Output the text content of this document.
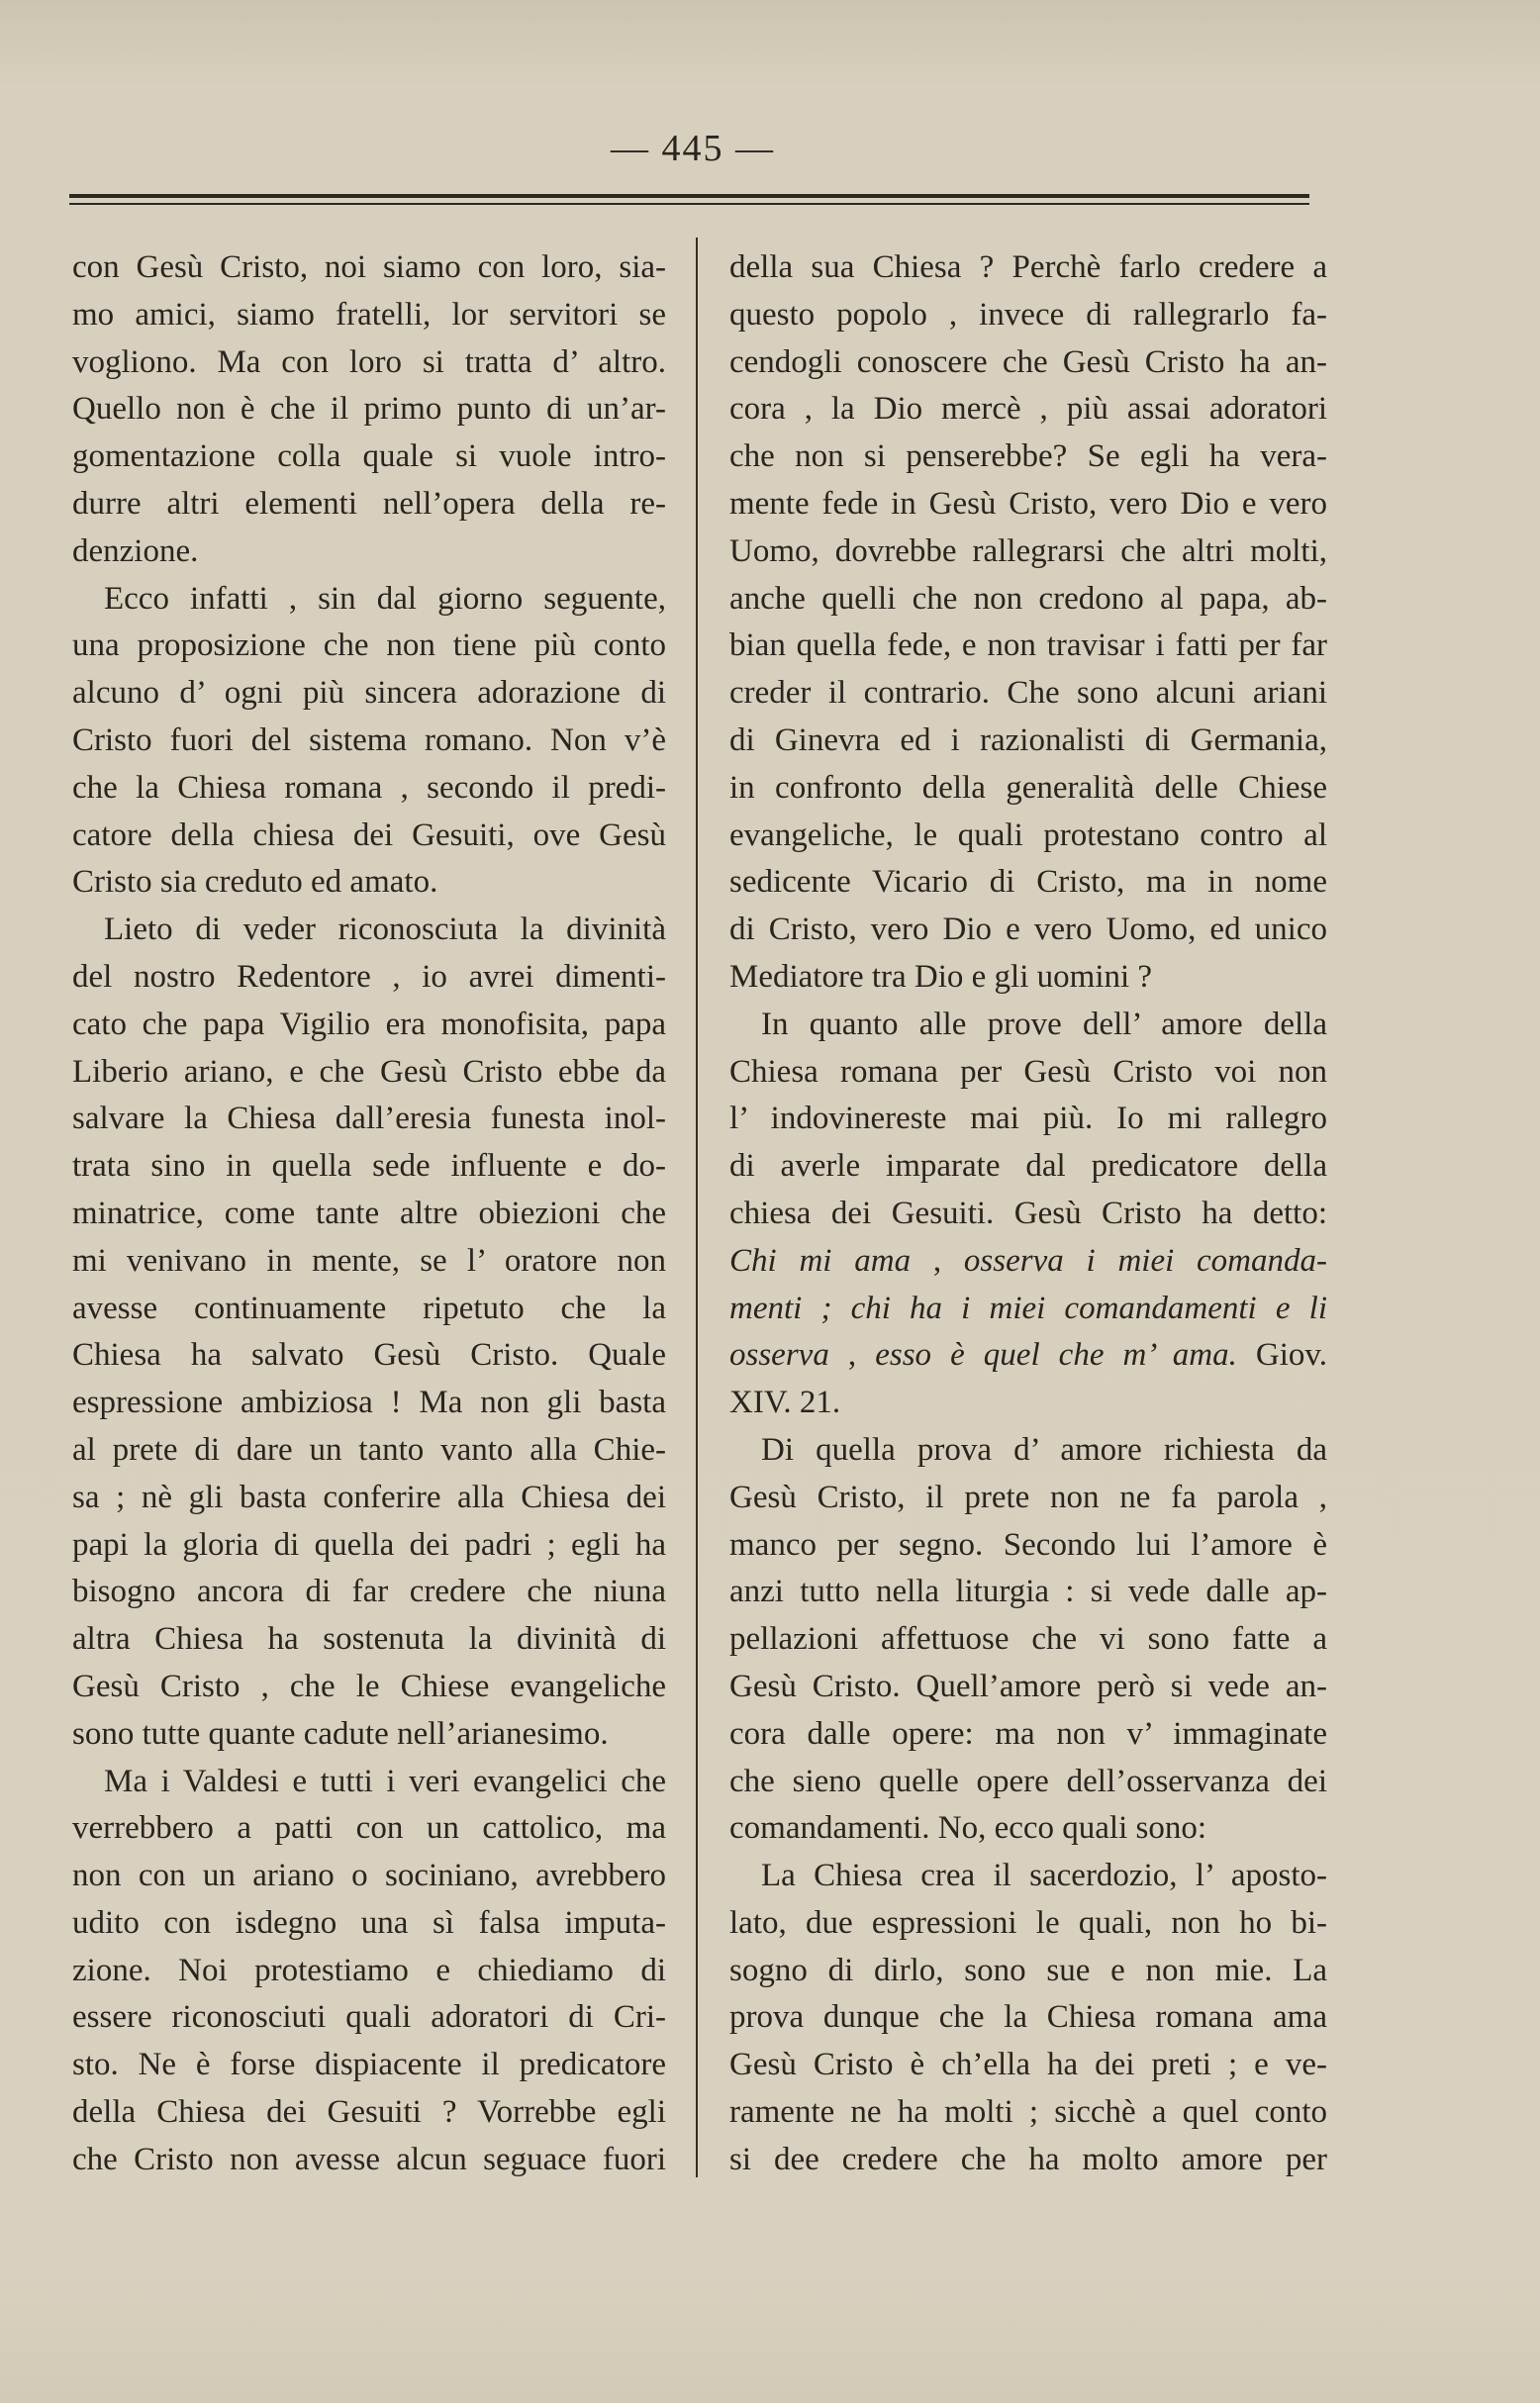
— 445 —
con Gesù Cristo, noi siamo con loro, sia-
mo amici, siamo fratelli, lor servitori se
vogliono. Ma con loro si tratta d’ altro.
Quello non è che il primo punto di un’ar-
gomentazione colla quale si vuole intro-
durre altri elementi nell’opera della re-
denzione.
Ecco infatti , sin dal giorno seguente,
una proposizione che non tiene più conto
alcuno d’ ogni più sincera adorazione di
Cristo fuori del sistema romano. Non v’è
che la Chiesa romana , secondo il predi-
catore della chiesa dei Gesuiti, ove Gesù
Cristo sia creduto ed amato.
Lieto di veder riconosciuta la divinità
del nostro Redentore , io avrei dimenti-
cato che papa Vigilio era monofisita, papa
Liberio ariano, e che Gesù Cristo ebbe da
salvare la Chiesa dall’eresia funesta inol-
trata sino in quella sede influente e do-
minatrice, come tante altre obiezioni che
mi venivano in mente, se l’ oratore non
avesse continuamente ripetuto che la
Chiesa ha salvato Gesù Cristo. Quale
espressione ambiziosa ! Ma non gli basta
al prete di dare un tanto vanto alla Chie-
sa ; nè gli basta conferire alla Chiesa dei
papi la gloria di quella dei padri ; egli ha
bisogno ancora di far credere che niuna
altra Chiesa ha sostenuta la divinità di
Gesù Cristo , che le Chiese evangeliche
sono tutte quante cadute nell’arianesimo.
Ma i Valdesi e tutti i veri evangelici che
verrebbero a patti con un cattolico, ma
non con un ariano o sociniano, avrebbero
udito con isdegno una sì falsa imputa-
zione. Noi protestiamo e chiediamo di
essere riconosciuti quali adoratori di Cri-
sto. Ne è forse dispiacente il predicatore
della Chiesa dei Gesuiti ? Vorrebbe egli
che Cristo non avesse alcun seguace fuori
della sua Chiesa ? Perchè farlo credere a
questo popolo , invece di rallegrarlo fa-
cendogli conoscere che Gesù Cristo ha an-
cora , la Dio mercè , più assai adoratori
che non si penserebbe? Se egli ha vera-
mente fede in Gesù Cristo, vero Dio e vero
Uomo, dovrebbe rallegrarsi che altri molti,
anche quelli che non credono al papa, ab-
bian quella fede, e non travisar i fatti per far
creder il contrario. Che sono alcuni ariani
di Ginevra ed i razionalisti di Germania,
in confronto della generalità delle Chiese
evangeliche, le quali protestano contro al
sedicente Vicario di Cristo, ma in nome
di Cristo, vero Dio e vero Uomo, ed unico
Mediatore tra Dio e gli uomini ?
In quanto alle prove dell’ amore della
Chiesa romana per Gesù Cristo voi non
l’ indovinereste mai più. Io mi rallegro
di averle imparate dal predicatore della
chiesa dei Gesuiti. Gesù Cristo ha detto:
Chi mi ama , osserva i miei comanda-
menti ; chi ha i miei comandamenti e li
osserva , esso è quel che m’ ama. Giov.
XIV. 21.
Di quella prova d’ amore richiesta da
Gesù Cristo, il prete non ne fa parola ,
manco per segno. Secondo lui l’amore è
anzi tutto nella liturgia : si vede dalle ap-
pellazioni affettuose che vi sono fatte a
Gesù Cristo. Quell’amore però si vede an-
cora dalle opere: ma non v’ immaginate
che sieno quelle opere dell’osservanza dei
comandamenti. No, ecco quali sono:
La Chiesa crea il sacerdozio, l’ aposto-
lato, due espressioni le quali, non ho bi-
sogno di dirlo, sono sue e non mie. La
prova dunque che la Chiesa romana ama
Gesù Cristo è ch’ella ha dei preti ; e ve-
ramente ne ha molti ; sicchè a quel conto
si dee credere che ha molto amore per
